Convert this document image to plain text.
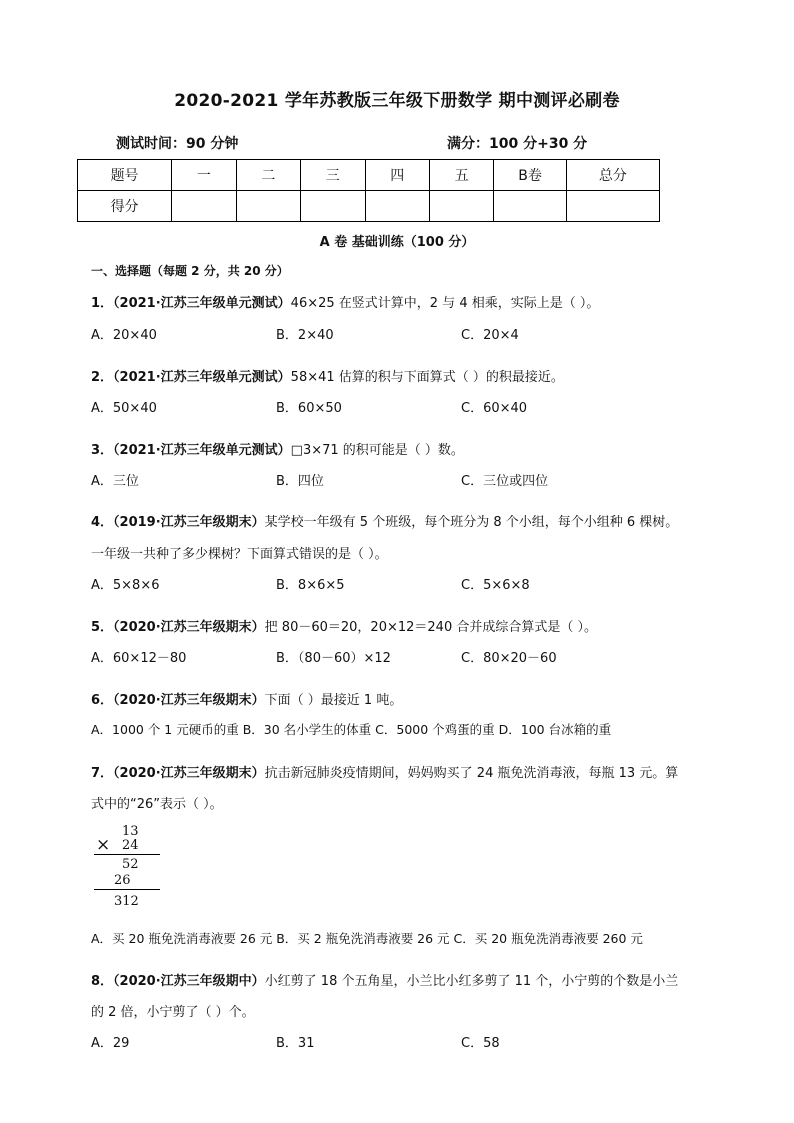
2020-2021 学年苏教版三年级下册数学 期中测评必刷卷
测试时间：90 分钟	满分：100 分+30 分
题号	一	二	三	四	五	B卷	总分
得分							
A 卷 基础训练（100 分）
一、选择题（每题 2 分，共 20 分）
1．（2021·江苏三年级单元测试）46×25 在竖式计算中，2 与 4 相乘，实际上是（ ）。
A．20×40	B．2×40	C．20×4
2．（2021·江苏三年级单元测试）58×41 估算的积与下面算式（ ）的积最接近。
A．50×40	B．60×50	C．60×40
3．（2021·江苏三年级单元测试）□3×71 的积可能是（ ）数。
A．三位	B．四位	C．三位或四位
4．（2019·江苏三年级期末）某学校一年级有 5 个班级，每个班分为 8 个小组，每个小组种 6 棵树。
一年级一共种了多少棵树？下面算式错误的是（ ）。
A．5×8×6	B．8×6×5	C．5×6×8
5．（2020·江苏三年级期末）把 80－60＝20，20×12＝240 合并成综合算式是（ ）。
A．60×12－80	B．（80－60）×12	C．80×20－60
6．（2020·江苏三年级期末）下面（ ）最接近 1 吨。
A．1000 个 1 元硬币的重 B．30 名小学生的体重 C．5000 个鸡蛋的重 D．100 台冰箱的重
7．（2020·江苏三年级期末）抗击新冠肺炎疫情期间，妈妈购买了 24 瓶免洗消毒液，每瓶 13 元。算
式中的“26”表示（ ）。
13
× 24
52
26
312
A．买 20 瓶免洗消毒液要 26 元 B．买 2 瓶免洗消毒液要 26 元 C．买 20 瓶免洗消毒液要 260 元
8．（2020·江苏三年级期中）小红剪了 18 个五角星，小兰比小红多剪了 11 个，小宁剪的个数是小兰
的 2 倍，小宁剪了（ ）个。
A．29	B．31	C．58
